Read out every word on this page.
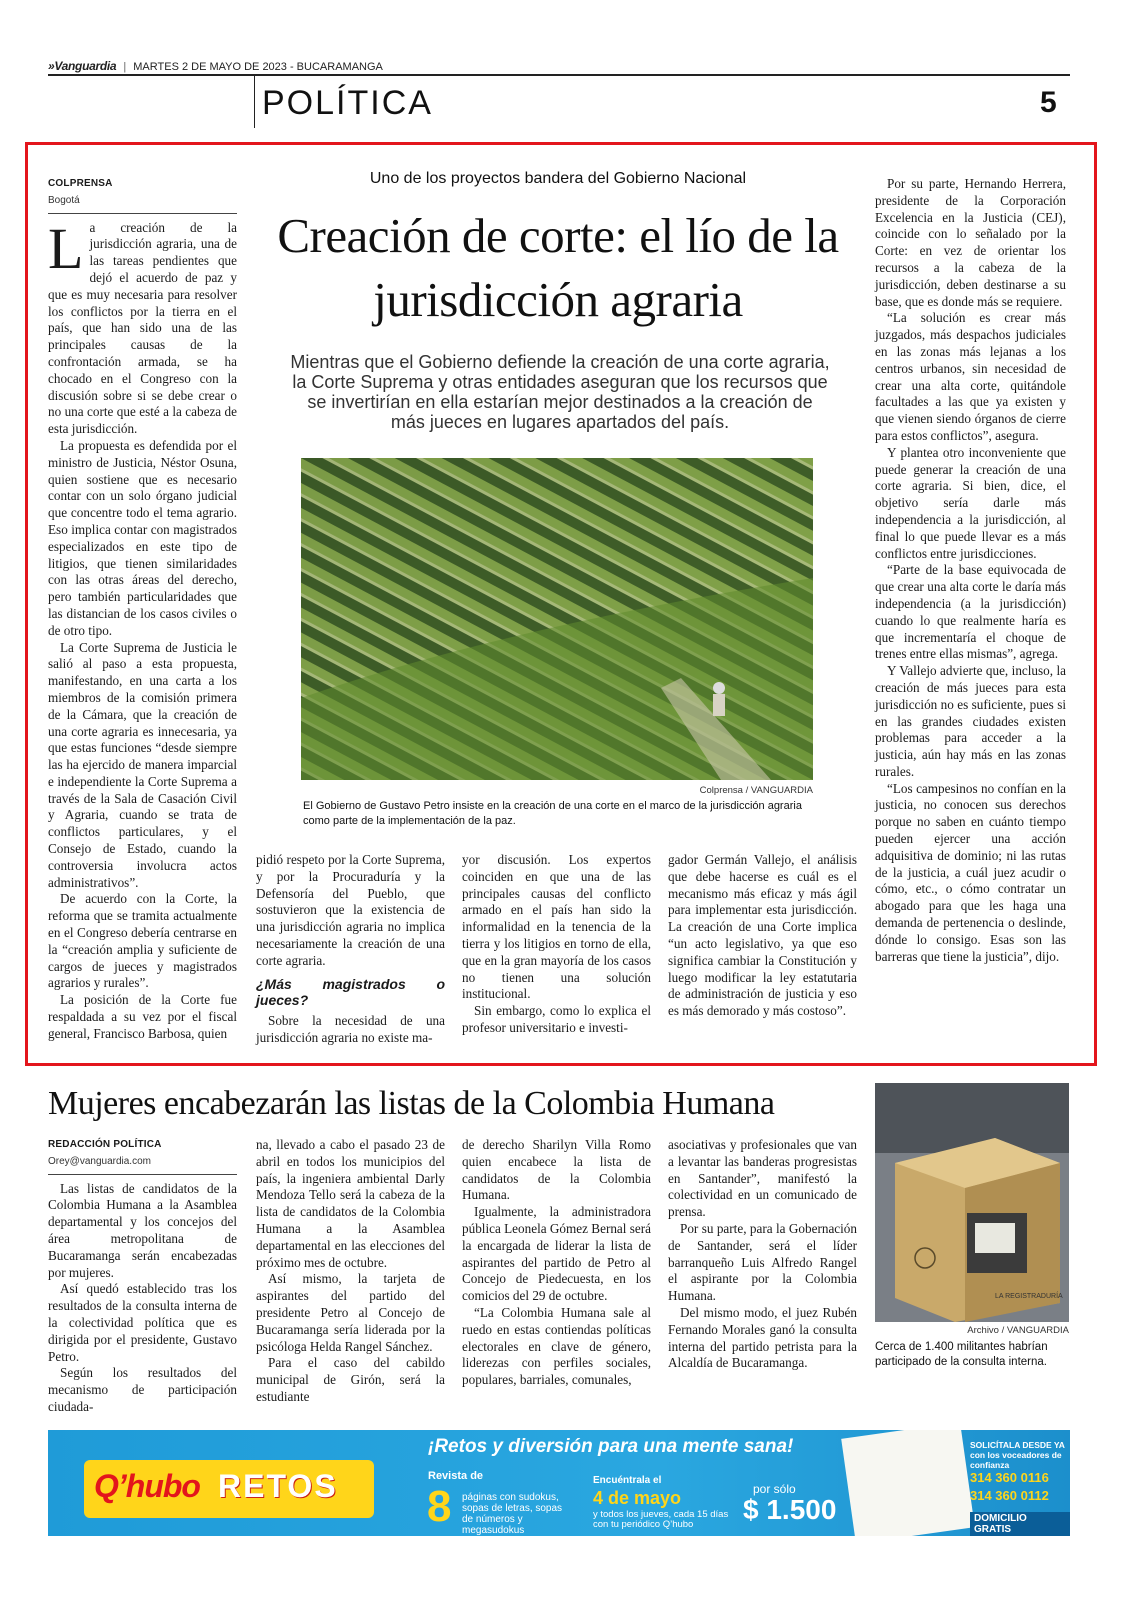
»Vanguardia | MARTES 2 DE MAYO DE 2023 - BUCARAMANGA
POLÍTICA	5
COLPRENSA
Bogotá

La creación de la jurisdicción agraria, una de las tareas pendientes que dejó el acuerdo de paz y que es muy necesaria para resolver los conflictos por la tierra en el país, que han sido una de las principales causas de la confrontación armada, se ha chocado en el Congreso con la discusión sobre si se debe crear o no una corte que esté a la cabeza de esta jurisdicción.

La propuesta es defendida por el ministro de Justicia, Néstor Osuna, quien sostiene que es necesario contar con un solo órgano judicial que concentre todo el tema agrario. Eso implica contar con magistrados especializados en este tipo de litigios, que tienen similaridades con las otras áreas del derecho, pero también particularidades que las distancian de los casos civiles o de otro tipo.

La Corte Suprema de Justicia le salió al paso a esta propuesta, manifestando, en una carta a los miembros de la comisión primera de la Cámara, que la creación de una corte agraria es innecesaria, ya que estas funciones “desde siempre las ha ejercido de manera imparcial e independiente la Corte Suprema a través de la Sala de Casación Civil y Agraria, cuando se trata de conflictos particulares, y el Consejo de Estado, cuando la controversia involucra actos administrativos”.

De acuerdo con la Corte, la reforma que se tramita actualmente en el Congreso debería centrarse en la “creación amplia y suficiente de cargos de jueces y magistrados agrarios y rurales”.

La posición de la Corte fue respaldada a su vez por el fiscal general, Francisco Barbosa, quien

Uno de los proyectos bandera del Gobierno Nacional
Creación de corte: el lío de la jurisdicción agraria
Mientras que el Gobierno defiende la creación de una corte agraria, la Corte Suprema y otras entidades aseguran que los recursos que se invertirían en ella estarían mejor destinados a la creación de más jueces en lugares apartados del país.
Colprensa / VANGUARDIA
El Gobierno de Gustavo Petro insiste en la creación de una corte en el marco de la jurisdicción agraria como parte de la implementación de la paz.

pidió respeto por la Corte Suprema, y por la Procuraduría y la Defensoría del Pueblo, que sostuvieron que la existencia de una jurisdicción agraria no implica necesariamente la creación de una corte agraria.

¿Más magistrados o jueces?

Sobre la necesidad de una jurisdicción agraria no existe ma-

yor discusión. Los expertos coinciden en que una de las principales causas del conflicto armado en el país han sido la informalidad en la tenencia de la tierra y los litigios en torno de ella, que en la gran mayoría de los casos no tienen una solución institucional.

Sin embargo, como lo explica el profesor universitario e investi-

gador Germán Vallejo, el análisis que debe hacerse es cuál es el mecanismo más eficaz y más ágil para implementar esta jurisdicción. La creación de una Corte implica “un acto legislativo, ya que eso significa cambiar la Constitución y luego modificar la ley estatutaria de administración de justicia y eso es más demorado y más costoso”.

Por su parte, Hernando Herrera, presidente de la Corporación Excelencia en la Justicia (CEJ), coincide con lo señalado por la Corte: en vez de orientar los recursos a la cabeza de la jurisdicción, deben destinarse a su base, que es donde más se requiere.

“La solución es crear más juzgados, más despachos judiciales en las zonas más lejanas a los centros urbanos, sin necesidad de crear una alta corte, quitándole facultades a las que ya existen y que vienen siendo órganos de cierre para estos conflictos”, asegura.

Y plantea otro inconveniente que puede generar la creación de una corte agraria. Si bien, dice, el objetivo sería darle más independencia a la jurisdicción, al final lo que puede llevar es a más conflictos entre jurisdicciones.

“Parte de la base equivocada de que crear una alta corte le daría más independencia (a la jurisdicción) cuando lo que realmente haría es que incrementaría el choque de trenes entre ellas mismas”, agrega.

Y Vallejo advierte que, incluso, la creación de más jueces para esta jurisdicción no es suficiente, pues si en las grandes ciudades existen problemas para acceder a la justicia, aún hay más en las zonas rurales.

“Los campesinos no confían en la justicia, no conocen sus derechos porque no saben en cuánto tiempo pueden ejercer una acción adquisitiva de dominio; ni las rutas de la justicia, a cuál juez acudir o cómo, etc., o cómo contratar un abogado para que les haga una demanda de pertenencia o deslinde, dónde lo consigo. Esas son las barreras que tiene la justicia”, dijo.

Mujeres encabezarán las listas de la Colombia Humana
REDACCIÓN POLÍTICA
Orey@vanguardia.com

Las listas de candidatos de la Colombia Humana a la Asamblea departamental y los concejos del área metropolitana de Bucaramanga serán encabezadas por mujeres.

Así quedó establecido tras los resultados de la consulta interna de la colectividad política que es dirigida por el presidente, Gustavo Petro.

Según los resultados del mecanismo de participación ciudada-

na, llevado a cabo el pasado 23 de abril en todos los municipios del país, la ingeniera ambiental Darly Mendoza Tello será la cabeza de la lista de candidatos de la Colombia Humana a la Asamblea departamental en las elecciones del próximo mes de octubre.

Así mismo, la tarjeta de aspirantes del partido del presidente Petro al Concejo de Bucaramanga sería liderada por la psicóloga Helda Rangel Sánchez.

Para el caso del cabildo municipal de Girón, será la estudiante

de derecho Sharilyn Villa Romo quien encabece la lista de candidatos de la Colombia Humana.

Igualmente, la administradora pública Leonela Gómez Bernal será la encargada de liderar la lista de aspirantes del partido de Petro al Concejo de Piedecuesta, en los comicios del 29 de octubre.

“La Colombia Humana sale al ruedo en estas contiendas políticas electorales en clave de género, liderezas con perfiles sociales, populares, barriales, comunales,

asociativas y profesionales que van a levantar las banderas progresistas en Santander”, manifestó la colectividad en un comunicado de prensa.

Por su parte, para la Gobernación de Santander, será el líder barranqueño Luis Alfredo Rangel el aspirante por la Colombia Humana.

Del mismo modo, el juez Rubén Fernando Morales ganó la consulta interna del partido petrista para la Alcaldía de Bucaramanga.

LA REGISTRADURÍA
Archivo / VANGUARDIA
Cerca de 1.400 militantes habrían participado de la consulta interna.
Q’hubo RETOS
¡Retos y diversión para una mente sana!
Revista de
8 páginas con sudokus, sopas de letras, sopas de números y megasudokus
Encuéntrala el
4 de mayo
y todos los jueves, cada 15 días con tu periódico Q’hubo
por sólo
$ 1.500
SOLICÍTALA DESDE YA con los voceadores de confianza
314 360 0116
314 360 0112
DOMICILIO GRATIS
